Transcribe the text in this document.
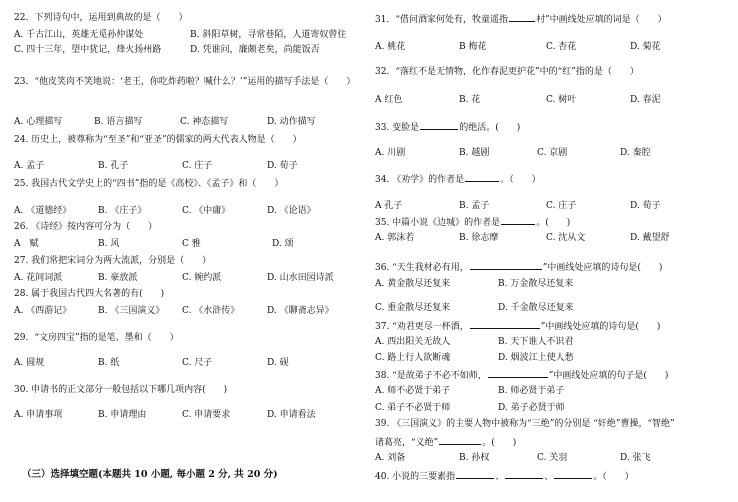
22．下列诗句中，运用到典故的是（　　）
A. 千古江山，英雄无觅孙仲谋处	B. 斜阳草树，寻常巷陌，人道寄奴曾住
C. 四十三年，望中犹记，烽火扬州路	D. 凭谁问，廉颇老矣，尚能饭否
23．“他皮笑肉不笑地说：‘老王，你吃炸药啦？喊什么？’”运用的描写手法是（　　）
A. 心理描写	B. 语言描写	C. 神态描写	D. 动作描写
24. 历史上，被尊称为“至圣”和“亚圣”的儒家的两大代表人物是（　　）
A. 孟子	B. 孔子	C. 庄子	D. 荀子
25. 我国古代文学史上的“四书”指的是《高校》、《孟子》和（　　）
A. 《道德经》	B. 《庄子》	C. 《中庸》	D. 《论语》
26. 《诗经》按内容可分为（　　）
A　赋	B. 风	C 雅	D. 颂
27. 我们常把宋词分为两大流派，分别是（　　）
A. 花间词派	B. 豪放派	C. 婉约派	D. 山水田园诗派
28. 属于我国古代四大名著的有(　　)
A. 《西游记》	B. 《三国演义》 C. 《水浒传》	D. 《聊斋志异》
29．“文房四宝”指的是笔、墨和（　　）
A. 圆规	B. 纸	C. 尺子	D. 砚
30. 申请书的正文部分一般包括以下哪几项内容(　　)
A. 申请事项	B. 申请理由	C. 申请要求	D. 申请看法
（三）选择填空题(本题共 10 小题, 每小题 2 分, 共 20 分)
31．“借问酒家何处有，牧童遥指	村”中画线处应填的词是（　　）
A. 桃花	B 梅花	C. 杏花	D. 菊花
32．“落红不是无情物，化作春泥更护花”中的“红”指的是（　　）
A 红色	B. 花	C. 树叶	D. 春泥
33. 变脸是	的绝活。(　　)
A. 川剧	B. 越剧	C. 京剧	D. 秦腔
34. 《劝学》的作者是	。（　　）
A 孔子	B. 孟子	C. 庄子	D. 荀子
35. 中篇小说《边城》的作者是	。(　　)
A. 郭沫若	B. 徐志摩	C. 沈从文	D. 戴望舒
36. “天生我材必有用，	”中画线处应填的诗句是(　　)
A. 黄金散尽还复来	B. 万金散尽还复来
C. 重金散尽还复来	D. 千金散尽还复来
37. “劝君更尽一杯酒，	”中画线处应填的诗句是(　　)
A. 西出阳关无故人	B. 天下谁人不识君
C. 路上行人欲断魂	D. 烟波江上使人愁
38. “是故弟子不必不如师，	”中画线处应填的句子是(　　)
A. 师不必贤于弟子	B. 师必贤于弟子
C. 弟子不必贤于师	D. 弟子必贤于师
39. 《三国演义》的主要人物中被称为“三绝”的分别是 “奸绝”曹操，“智绝”
诸葛亮，“义绝”	。(　　)
A. 刘备	B. 孙权	C. 关羽	D. 张飞
40. 小说的三要素指	、	、	。（　　）
